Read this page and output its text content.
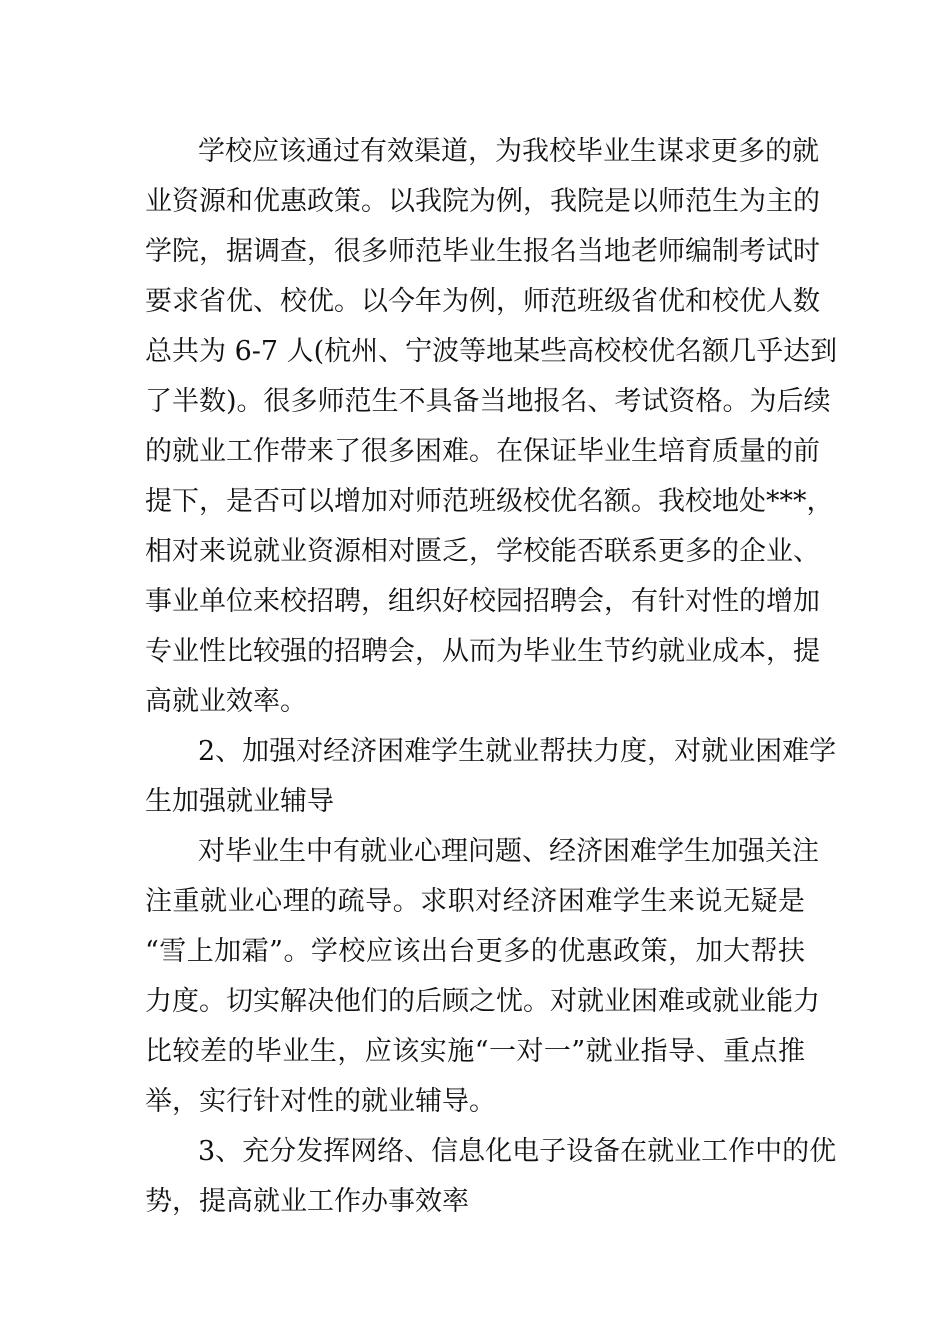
学校应该通过有效渠道，为我校毕业生谋求更多的就
业资源和优惠政策。以我院为例，我院是以师范生为主的
学院，据调查，很多师范毕业生报名当地老师编制考试时
要求省优、校优。以今年为例，师范班级省优和校优人数
总共为 6-7 人(杭州、宁波等地某些高校校优名额几乎达到
了半数)。很多师范生不具备当地报名、考试资格。为后续
的就业工作带来了很多困难。在保证毕业生培育质量的前
提下，是否可以增加对师范班级校优名额。我校地处***，
相对来说就业资源相对匮乏，学校能否联系更多的企业、
事业单位来校招聘，组织好校园招聘会，有针对性的增加
专业性比较强的招聘会，从而为毕业生节约就业成本，提
高就业效率。
2、加强对经济困难学生就业帮扶力度，对就业困难学
生加强就业辅导
对毕业生中有就业心理问题、经济困难学生加强关注
注重就业心理的疏导。求职对经济困难学生来说无疑是
“雪上加霜”。学校应该出台更多的优惠政策，加大帮扶
力度。切实解决他们的后顾之忧。对就业困难或就业能力
比较差的毕业生，应该实施“一对一”就业指导、重点推
举，实行针对性的就业辅导。
3、充分发挥网络、信息化电子设备在就业工作中的优
势，提高就业工作办事效率
